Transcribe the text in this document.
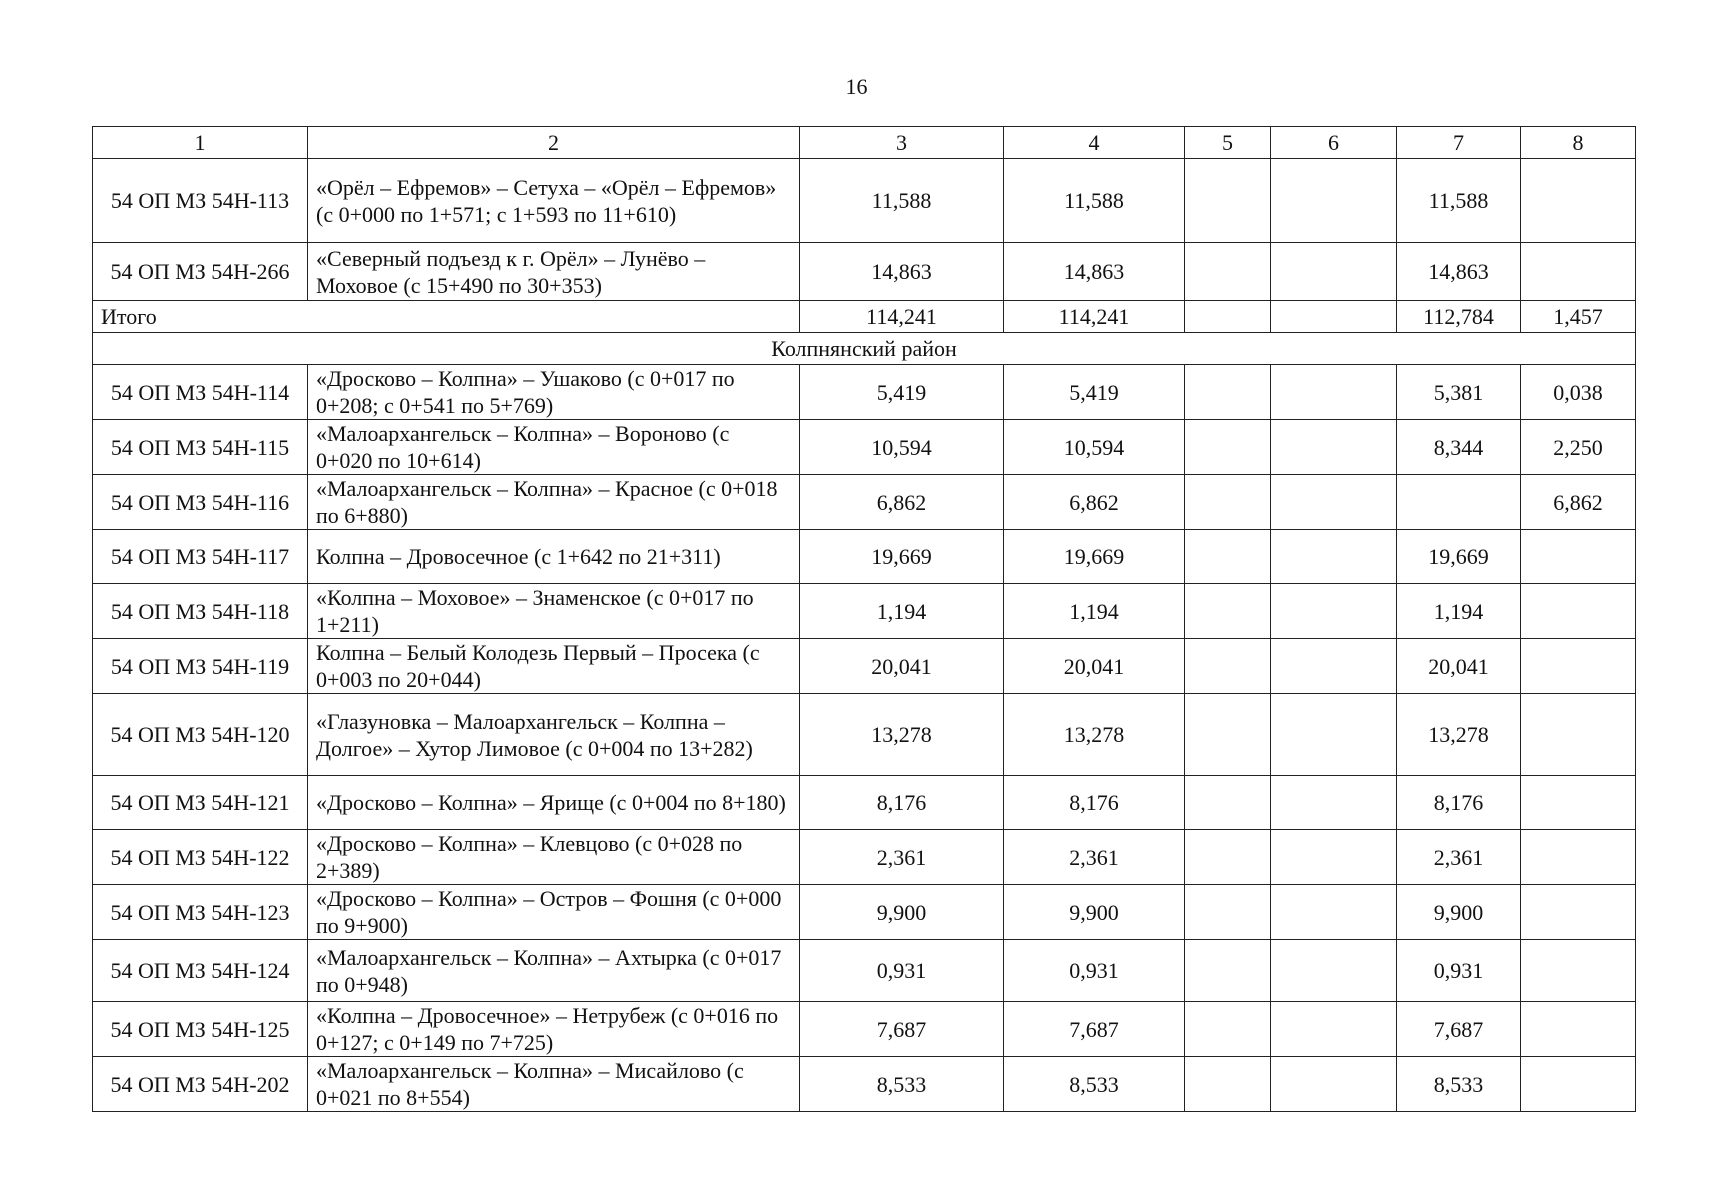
16
1	2	3	4	5	6	7	8
54 ОП МЗ 54Н-113	«Орёл – Ефремов» – Сетуха – «Орёл – Ефремов» (с 0+000 по 1+571; с 1+593 по 11+610)	11,588	11,588			11,588	
54 ОП МЗ 54Н-266	«Северный подъезд к г. Орёл» – Лунёво – Моховое (с 15+490 по 30+353)	14,863	14,863			14,863	
Итого		114,241	114,241			112,784	1,457
Колпнянский район							
54 ОП МЗ 54Н-114	«Дросково – Колпна» – Ушаково (с 0+017 по 0+208; с 0+541 по 5+769)	5,419	5,419			5,381	0,038
54 ОП МЗ 54Н-115	«Малоархангельск – Колпна» – Вороново (с 0+020 по 10+614)	10,594	10,594			8,344	2,250
54 ОП МЗ 54Н-116	«Малоархангельск – Колпна» – Красное (с 0+018 по 6+880)	6,862	6,862				6,862
54 ОП МЗ 54Н-117	Колпна – Дровосечное (с 1+642 по 21+311)	19,669	19,669			19,669	
54 ОП МЗ 54Н-118	«Колпна – Моховое» – Знаменское (с 0+017 по 1+211)	1,194	1,194			1,194	
54 ОП МЗ 54Н-119	Колпна – Белый Колодезь Первый – Просека (с 0+003 по 20+044)	20,041	20,041			20,041	
54 ОП МЗ 54Н-120	«Глазуновка – Малоархангельск – Колпна – Долгое» – Хутор Лимовое (с 0+004 по 13+282)	13,278	13,278			13,278	
54 ОП МЗ 54Н-121	«Дросково – Колпна» – Ярище (с 0+004 по 8+180)	8,176	8,176			8,176	
54 ОП МЗ 54Н-122	«Дросково – Колпна» – Клевцово (с 0+028 по 2+389)	2,361	2,361			2,361	
54 ОП МЗ 54Н-123	«Дросково – Колпна» – Остров – Фошня (с 0+000 по 9+900)	9,900	9,900			9,900	
54 ОП МЗ 54Н-124	«Малоархангельск – Колпна» – Ахтырка (с 0+017 по 0+948)	0,931	0,931			0,931	
54 ОП МЗ 54Н-125	«Колпна – Дровосечное» – Нетрубеж (с 0+016 по 0+127; с 0+149 по 7+725)	7,687	7,687			7,687	
54 ОП МЗ 54Н-202	«Малоархангельск – Колпна» – Мисайлово (с 0+021 по 8+554)	8,533	8,533			8,533	
